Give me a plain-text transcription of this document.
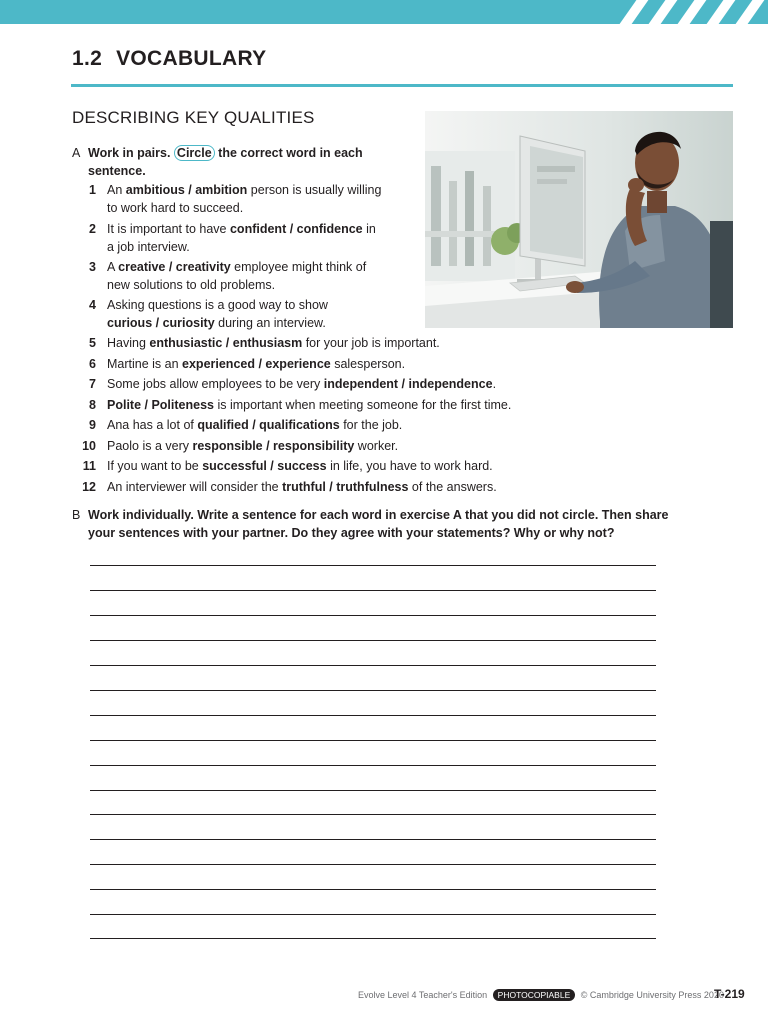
1.2 VOCABULARY
DESCRIBING KEY QUALITIES
A Work in pairs. Circle the correct word in each
sentence.
1 An ambitious / ambition person is usually willing
to work hard to succeed.
2 It is important to have confident / confidence in
a job interview.
3 A creative / creativity employee might think of
new solutions to old problems.
4 Asking questions is a good way to show
curious / curiosity during an interview.
5 Having enthusiastic / enthusiasm for your job is important.
6 Martine is an experienced / experience salesperson.
7 Some jobs allow employees to be very independent / independence.
8 Polite / Politeness is important when meeting someone for the first time.
9 Ana has a lot of qualified / qualifications for the job.
10 Paolo is a very responsible / responsibility worker.
11 If you want to be successful / success in life, you have to work hard.
12 An interviewer will consider the truthful / truthfulness of the answers.
B Work individually. Write a sentence for each word in exercise A that you did not circle. Then share
your sentences with your partner. Do they agree with your statements? Why or why not?
Evolve Level 4 Teacher's Edition PHOTOCOPIABLE © Cambridge University Press 2020
T-219
